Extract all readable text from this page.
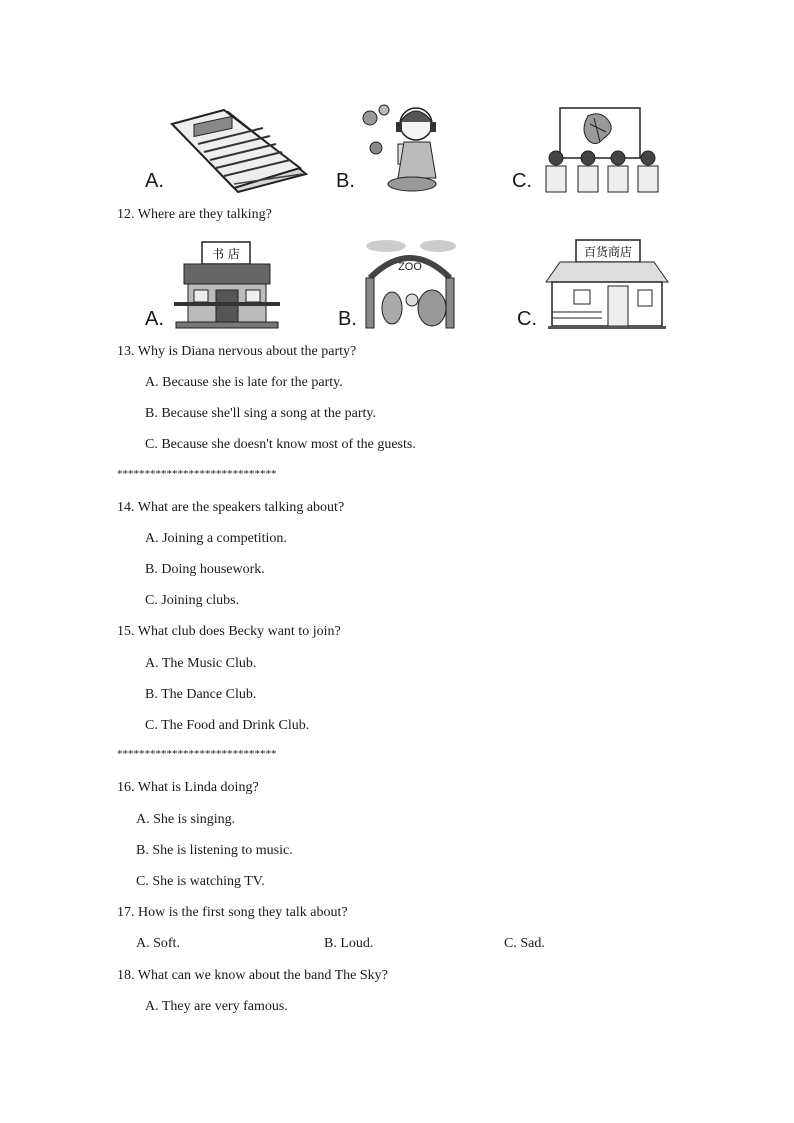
A.	B.	C.
12. Where are they talking?
书 店
A.
ZOO
B.
百货商店
C.
13. Why is Diana nervous about the party?
A. Because she is late for the party.
B. Because she'll sing a song at the party.
C. Because she doesn't know most of the guests.
*****************************
14. What are the speakers talking about?
A. Joining a competition.
B. Doing housework.
C. Joining clubs.
15. What club does Becky want to join?
A. The Music Club.
B. The Dance Club.
C. The Food and Drink Club.
*****************************
16. What is Linda doing?
A. She is singing.
B. She is listening to music.
C. She is watching TV.
17. How is the first song they talk about?
A. Soft.	B. Loud.	C. Sad.
18. What can we know about the band The Sky?
A. They are very famous.
